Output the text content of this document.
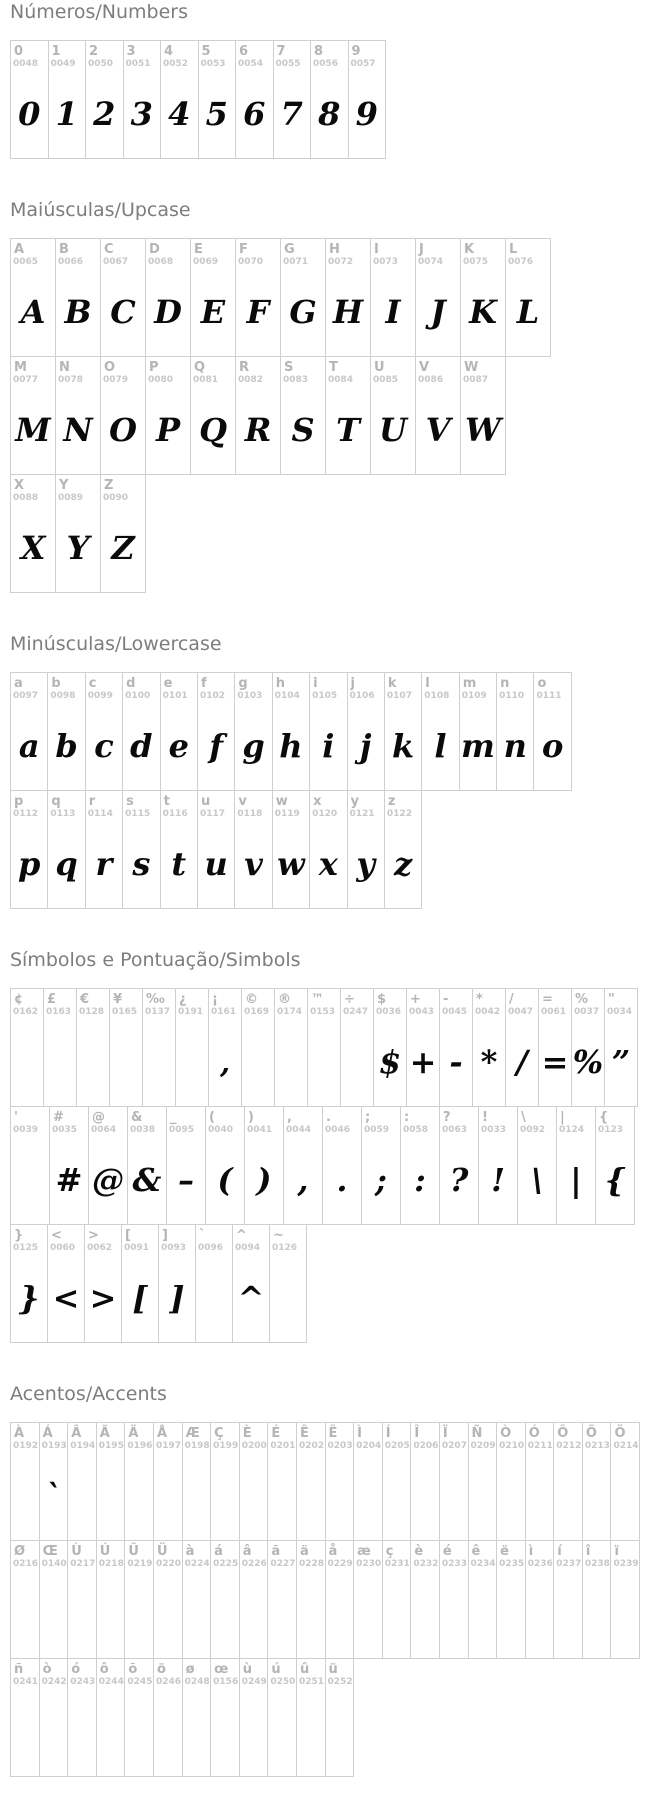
Números/Numbers
0
0048
0
1
0049
1
2
0050
2
3
0051
3
4
0052
4
5
0053
5
6
0054
6
7
0055
7
8
0056
8
9
0057
9
Maiúsculas/Upcase
A
0065
A
B
0066
B
C
0067
C
D
0068
D
E
0069
E
F
0070
F
G
0071
G
H
0072
H
I
0073
I
J
0074
J
K
0075
K
L
0076
L
M
0077
M
N
0078
N
O
0079
O
P
0080
P
Q
0081
Q
R
0082
R
S
0083
S
T
0084
T
U
0085
U
V
0086
V
W
0087
W
X
0088
X
Y
0089
Y
Z
0090
Z
Minúsculas/Lowercase
a
0097
a
b
0098
b
c
0099
c
d
0100
d
e
0101
e
f
0102
f
g
0103
g
h
0104
h
i
0105
i
j
0106
j
k
0107
k
l
0108
l
m
0109
m
n
0110
n
o
0111
o
p
0112
p
q
0113
q
r
0114
r
s
0115
s
t
0116
t
u
0117
u
v
0118
v
w
0119
w
x
0120
x
y
0121
y
z
0122
z
Símbolos e Pontuação/Simbols
¢
0162
£
0163
€
0128
¥
0165
‰
0137
¿
0191
¡
0161
‚
©
0169
®
0174
™
0153
÷
0247
$
0036
$
+
0043
+
-
0045
-
*
0042
*
/
0047
/
=
0061
=
%
0037
%
"
0034
”
'
0039
#
0035
#
@
0064
@
&
0038
&
_
0095
–
(
0040
(
)
0041
)
,
0044
,
.
0046
.
;
0059
;
:
0058
:
?
0063
?
!
0033
!
\
0092
\
|
0124
|
{
0123
{
}
0125
}
<
0060
<
>
0062
>
[
0091
[
]
0093
]
`
0096
^
0094
^
~
0126
Acentos/Accents
À
0192
Á
0193
`
Â
0194
Ã
0195
Ä
0196
Å
0197
Æ
0198
Ç
0199
È
0200
É
0201
Ê
0202
Ë
0203
Ì
0204
Í
0205
Î
0206
Ï
0207
Ñ
0209
Ò
0210
Ó
0211
Ô
0212
Õ
0213
Ö
0214
Ø
0216
Œ
0140
Ù
0217
Ú
0218
Û
0219
Ü
0220
à
0224
á
0225
â
0226
ã
0227
ä
0228
å
0229
æ
0230
ç
0231
è
0232
é
0233
ê
0234
ë
0235
ì
0236
í
0237
î
0238
ï
0239
ñ
0241
ò
0242
ó
0243
ô
0244
õ
0245
ö
0246
ø
0248
œ
0156
ù
0249
ú
0250
û
0251
ü
0252
